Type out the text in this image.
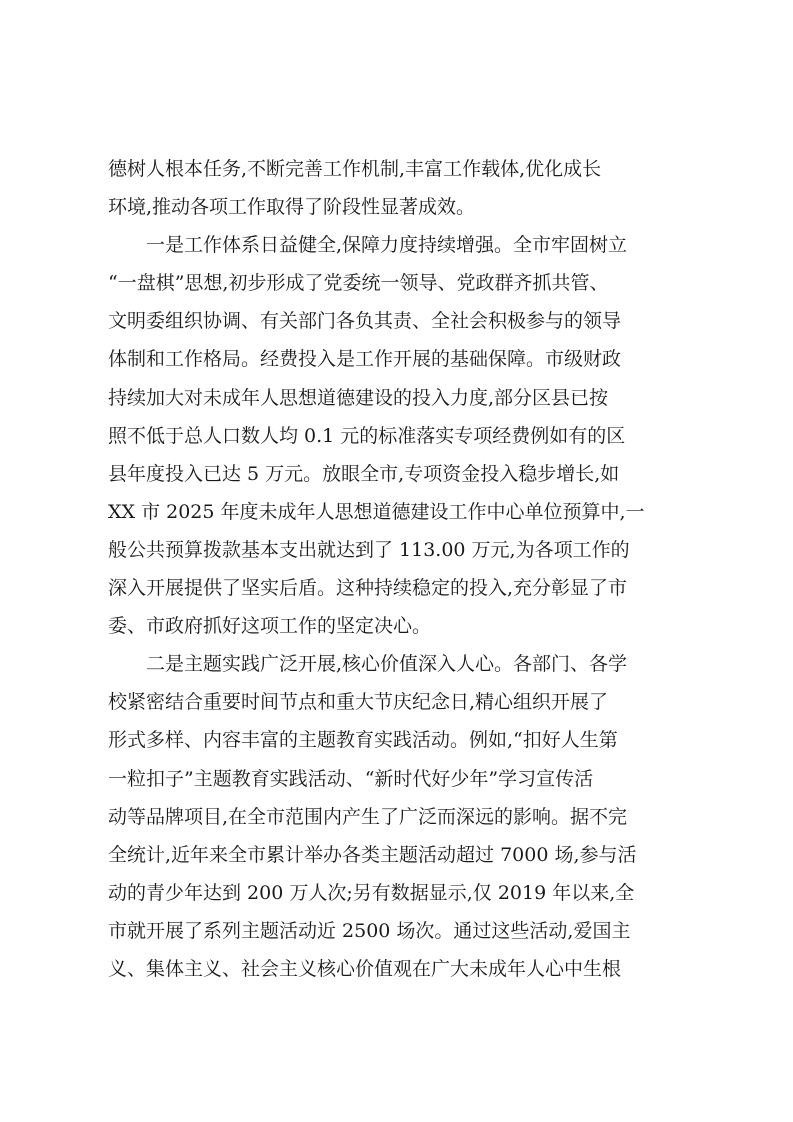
德树人根本任务,不断完善工作机制,丰富工作载体,优化成长
环境,推动各项工作取得了阶段性显著成效。
　　一是工作体系日益健全,保障力度持续增强。全市牢固树立
“一盘棋”思想,初步形成了党委统一领导、党政群齐抓共管、
文明委组织协调、有关部门各负其责、全社会积极参与的领导
体制和工作格局。经费投入是工作开展的基础保障。市级财政
持续加大对未成年人思想道德建设的投入力度,部分区县已按
照不低于总人口数人均 0.1 元的标准落实专项经费例如有的区
县年度投入已达 5 万元。放眼全市,专项资金投入稳步增长,如
XX 市 2025 年度未成年人思想道德建设工作中心单位预算中,一
般公共预算拨款基本支出就达到了 113.00 万元,为各项工作的
深入开展提供了坚实后盾。这种持续稳定的投入,充分彰显了市
委、市政府抓好这项工作的坚定决心。
　　二是主题实践广泛开展,核心价值深入人心。各部门、各学
校紧密结合重要时间节点和重大节庆纪念日,精心组织开展了
形式多样、内容丰富的主题教育实践活动。例如,“扣好人生第
一粒扣子”主题教育实践活动、“新时代好少年”学习宣传活
动等品牌项目,在全市范围内产生了广泛而深远的影响。据不完
全统计,近年来全市累计举办各类主题活动超过 7000 场,参与活
动的青少年达到 200 万人次;另有数据显示,仅 2019 年以来,全
市就开展了系列主题活动近 2500 场次。通过这些活动,爱国主
义、集体主义、社会主义核心价值观在广大未成年人心中生根
